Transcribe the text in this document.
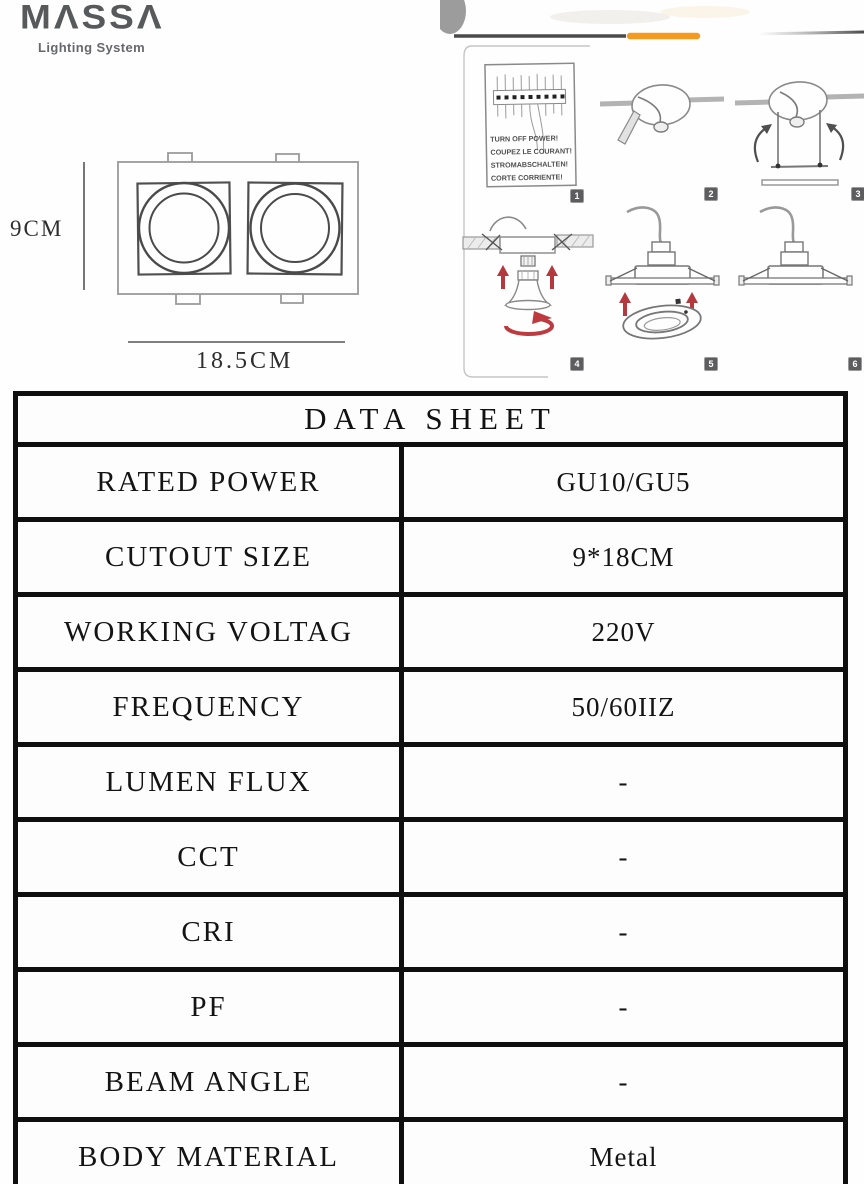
MΛSSΛ
Lighting System
9CM
18.5CM
TURN OFF POWER!
COUPEZ LE COURANT!
STROMABSCHALTEN!
CORTE CORRIENTE!
1	2	3
4	5	6
DATA SHEET	
RATED POWER	GU10/GU5
CUTOUT SIZE	9*18CM
WORKING VOLTAG	220V
FREQUENCY	50/60IIZ
LUMEN FLUX	-
CCT	-
CRI	-
PF	-
BEAM ANGLE	-
BODY MATERIAL	Metal
